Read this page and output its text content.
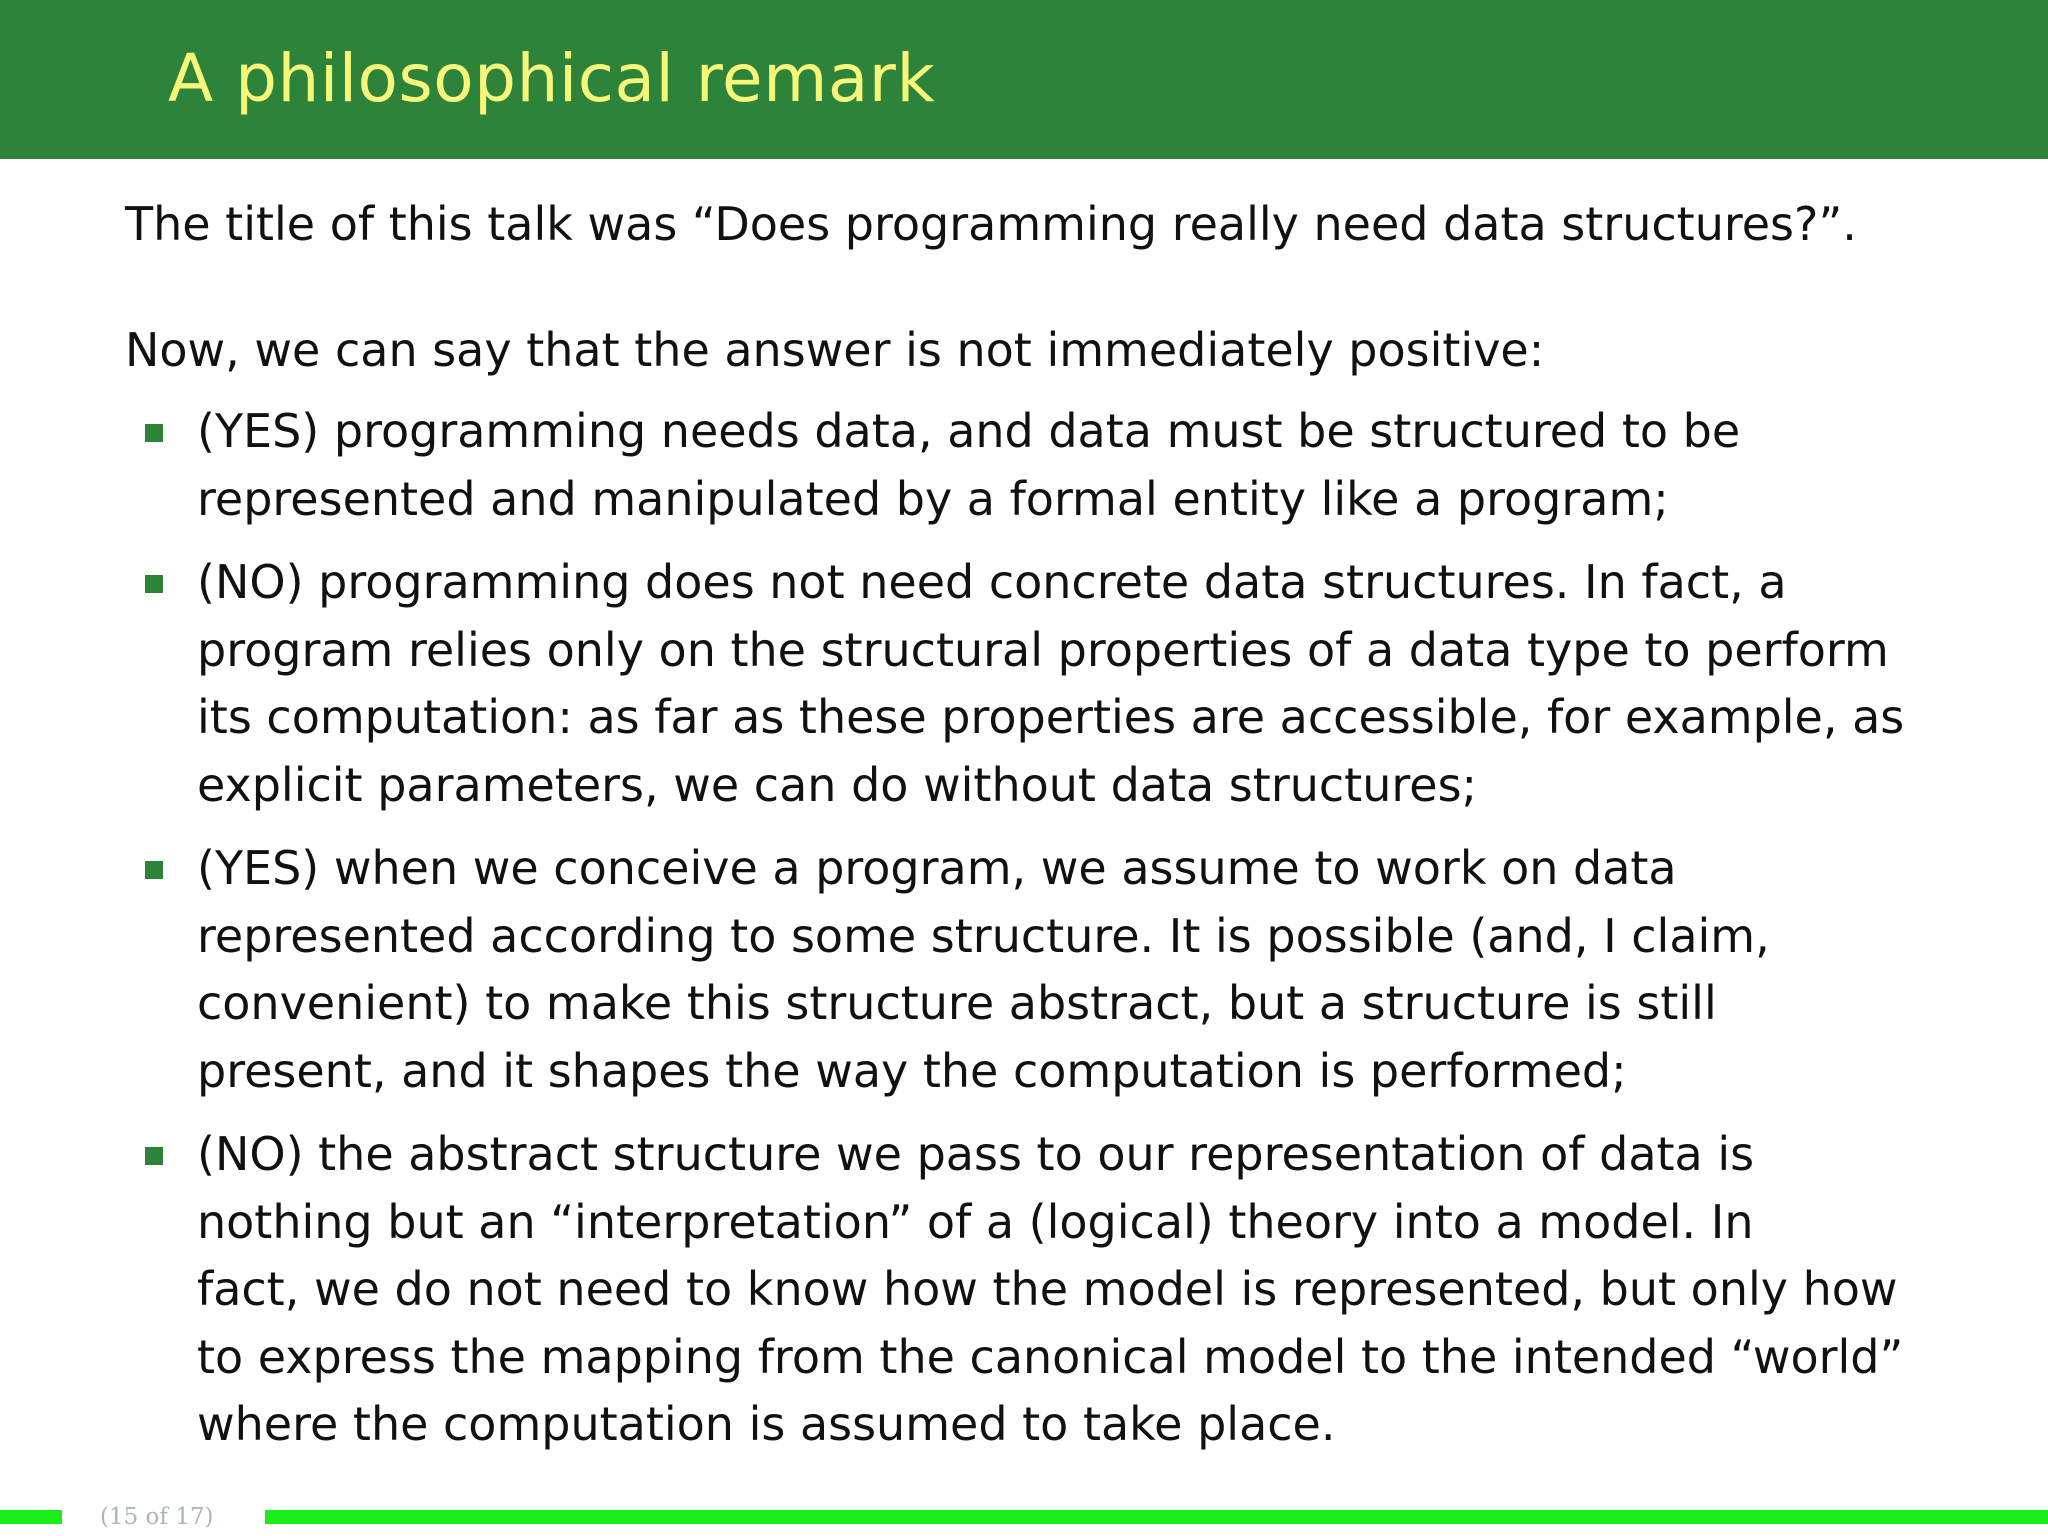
A philosophical remark

The title of this talk was “Does programming really need data structures?”.

Now, we can say that the answer is not immediately positive:

(YES) programming needs data, and data must be structured to be
represented and manipulated by a formal entity like a program;
(NO) programming does not need concrete data structures. In fact, a
program relies only on the structural properties of a data type to perform
its computation: as far as these properties are accessible, for example, as
explicit parameters, we can do without data structures;
(YES) when we conceive a program, we assume to work on data
represented according to some structure. It is possible (and, I claim,
convenient) to make this structure abstract, but a structure is still
present, and it shapes the way the computation is performed;
(NO) the abstract structure we pass to our representation of data is
nothing but an “interpretation” of a (logical) theory into a model. In
fact, we do not need to know how the model is represented, but only how
to express the mapping from the canonical model to the intended “world”
where the computation is assumed to take place.
(15 of 17)
